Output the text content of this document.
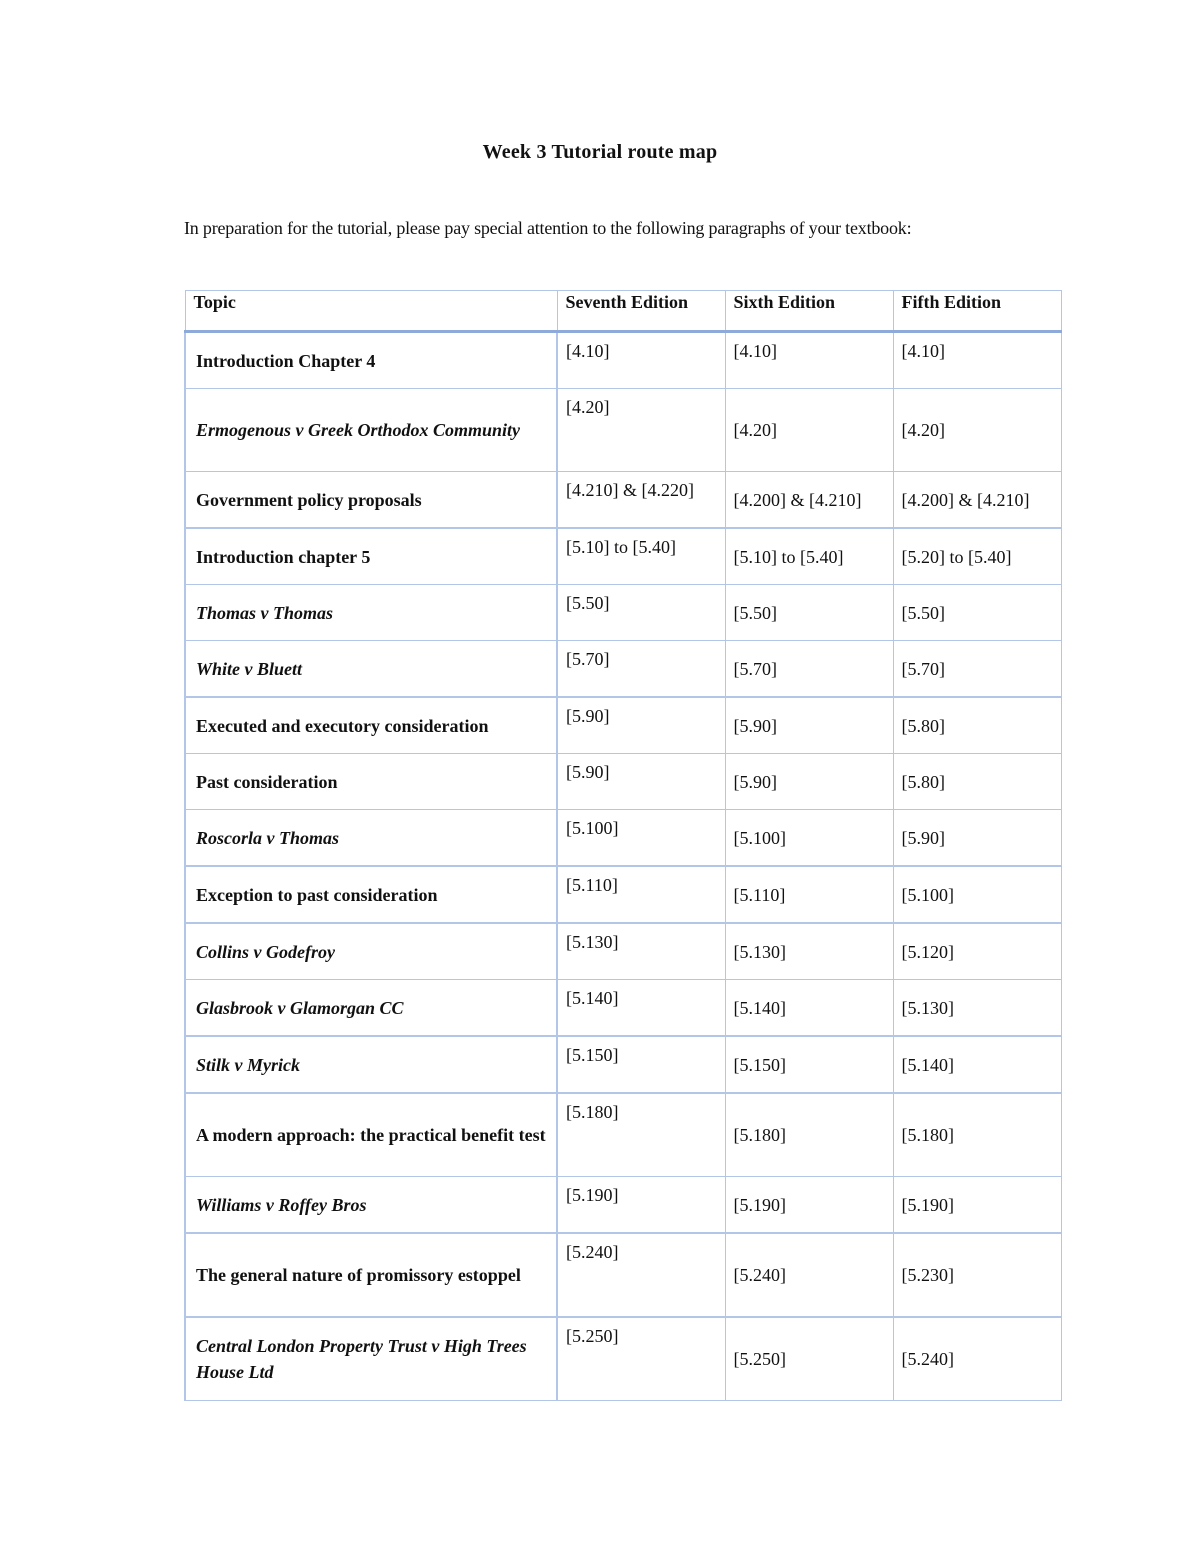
Week 3 Tutorial route map
In preparation for the tutorial, please pay special attention to the following paragraphs of your textbook:
Topic	Seventh Edition	Sixth Edition	Fifth Edition
Introduction Chapter 4	[4.10]	[4.10]	[4.10]
Ermogenous v Greek Orthodox Community	[4.20]	[4.20]	[4.20]
Government policy proposals	[4.210] & [4.220]	[4.200] & [4.210]	[4.200] & [4.210]
Introduction chapter 5	[5.10] to [5.40]	[5.10] to [5.40]	[5.20] to [5.40]
Thomas v Thomas	[5.50]	[5.50]	[5.50]
White v Bluett	[5.70]	[5.70]	[5.70]
Executed and executory consideration	[5.90]	[5.90]	[5.80]
Past consideration	[5.90]	[5.90]	[5.80]
Roscorla v Thomas	[5.100]	[5.100]	[5.90]
Exception to past consideration	[5.110]	[5.110]	[5.100]
Collins v Godefroy	[5.130]	[5.130]	[5.120]
Glasbrook v Glamorgan CC	[5.140]	[5.140]	[5.130]
Stilk v Myrick	[5.150]	[5.150]	[5.140]
A modern approach: the practical benefit test	[5.180]	[5.180]	[5.180]
Williams v Roffey Bros	[5.190]	[5.190]	[5.190]
The general nature of promissory estoppel	[5.240]	[5.240]	[5.230]
Central London Property Trust v High Trees House Ltd	[5.250]	[5.250]	[5.240]
